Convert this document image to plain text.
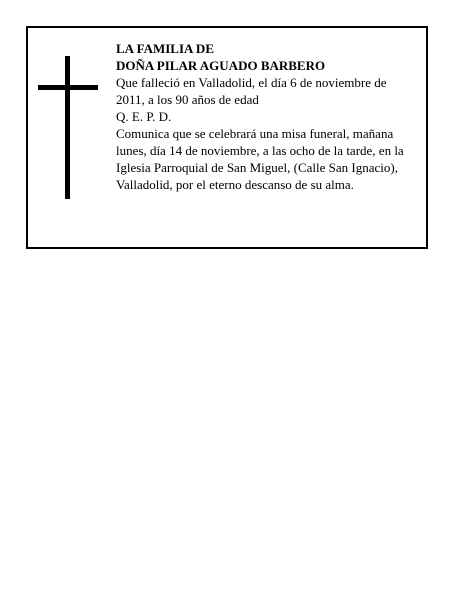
LA FAMILIA DE

DOÑA PILAR AGUADO BARBERO

Que falleció en Valladolid, el día 6 de noviembre de 2011, a los 90 años de edad

Q. E. P. D.

Comunica que se celebrará una misa funeral, mañana lunes, día 14 de noviembre, a las ocho de la tarde, en la Iglesia Parroquial de San Miguel, (Calle San Ignacio), Valladolid, por el eterno descanso de su alma.
